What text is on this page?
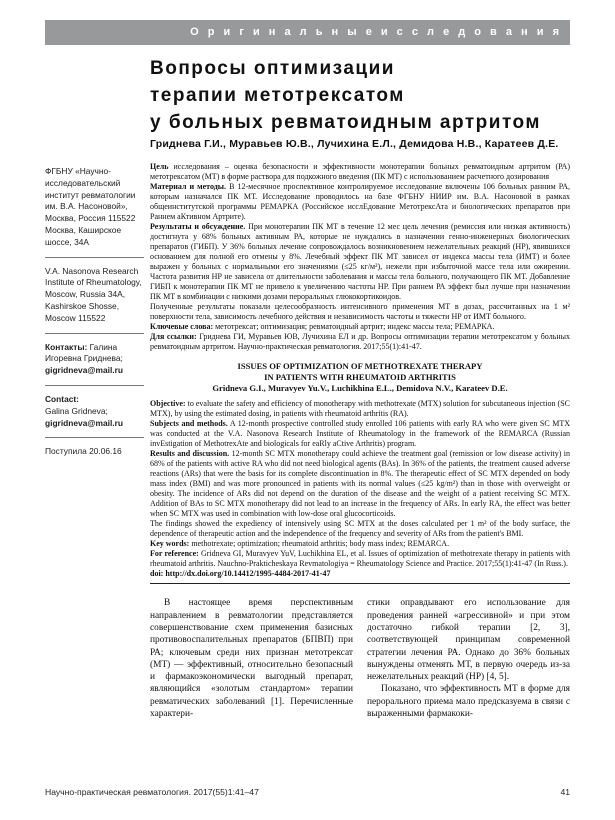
О р и г и н а л ь н ы е и с с л е д о в а н и я
Вопросы оптимизации
терапии метотрексатом
у больных ревматоидным артритом
Гриднева Г.И., Муравьев Ю.В., Лучихина Е.Л., Демидова Н.В., Каратеев Д.Е.
ФГБНУ «Научно-исследовательский институт ревматологии им. В.А. Насоновой», Москва, Россия 115522 Москва, Каширское шоссе, 34А
V.A. Nasonova Research Institute of Rheumatology, Moscow, Russia 34A, Kashirskoe Shosse, Moscow 115522
Контакты: Галина Игоревна Гриднева;
gigridneva@mail.ru
Contact:
Galina Gridneva;
gigridneva@mail.ru
Поступила 20.06.16

Цель исследования – оценка безопасности и эффективности монотерапии больных ревматоидным артритом (РА) метотрексатом (МТ) в форме раствора для подкожного введения (ПК МТ) с использованием расчетного дозирования

Материал и методы. В 12-месячное проспективное контролируемое исследование включены 106 больных ранним РА, которым назначался ПК МТ. Исследование проводилось на базе ФГБНУ НИИР им. В.А. Насоновой в рамках общеинститутской программы РЕМАРКА (Российское исслЕдование МетотрексАта и биологических препаратов при Раннем аКтивном Артрите).

Результаты и обсуждение. При монотерапии ПК МТ в течение 12 мес цель лечения (ремиссия или низкая активность) достигнута у 68% больных активным РА, которые не нуждались в назначении генно-инженерных биологических препаратов (ГИБП). У 36% больных лечение сопровождалось возникновением нежелательных реакций (НР), явившихся основанием для полной его отмены у 8%. Лечебный эффект ПК МТ зависел от индекса массы тела (ИМТ) и более выражен у больных с нормальными его значениями (≤25 кг/м²), нежели при избыточной массе тела или ожирении. Частота развития НР не зависела от длительности заболевания и массы тела больного, получающего ПК МТ. Добавление ГИБП к монотерапии ПК МТ не привело к увеличению частоты НР. При раннем РА эффект был лучше при назначении ПК МТ в комбинации с низкими дозами пероральных глюкокортикоидов.

Полученные результаты показали целесообразность интенсивного применения МТ в дозах, рассчитанных на 1 м² поверхности тела, зависимость лечебного действия и независимость частоты и тяжести НР от ИМТ больного.

Ключевые слова: метотрексат; оптимизация; ревматоидный артрит; индекс массы тела; РЕМАРКА.

Для ссылки: Гриднева ГИ, Муравьев ЮВ, Лучихина ЕЛ и др. Вопросы оптимизации терапии метотрексатом у больных ревматоидным артритом. Научно-практическая ревматология. 2017;55(1):41-47.

ISSUES OF OPTIMIZATION OF METHOTREXATE THERAPY
IN PATIENTS WITH RHEUMATOID ARTHRITIS
Gridneva G.I., Muravyev Yu.V., Luchikhina E.L., Demidova N.V., Karateev D.E.

Objective: to evaluate the safety and efficiency of monotherapy with methotrexate (MTX) solution for subcutaneous injection (SC MTX), by using the estimated dosing, in patients with rheumatoid arthritis (RA).

Subjects and methods. A 12-month prospective controlled study enrolled 106 patients with early RA who were given SC MTX was conducted at the V.A. Nasonova Research Institute of Rheumatology in the framework of the REMARCA (Russian invEstigation of MethotrexAte and biologicals for eaRly aCtive Arthritis) program.

Results and discussion. 12-month SC MTX monotherapy could achieve the treatment goal (remission or low disease activity) in 68% of the patients with active RA who did not need biological agents (BAs). In 36% of the patients, the treatment caused adverse reactions (ARs) that were the basis for its complete discontinuation in 8%. The therapeutic effect of SC MTX depended on body mass index (BMI) and was more pronounced in patients with its normal values (≤25 kg/m²) than in those with overweight or obesity. The incidence of ARs did not depend on the duration of the disease and the weight of a patient receiving SC MTX. Addition of BAs to SC MTX monotherapy did not lead to an increase in the frequency of ARs. In early RA, the effect was better when SC MTX was used in combination with low-dose oral glucocorticoids.

The findings showed the expediency of intensively using SC MTX at the doses calculated per 1 m² of the body surface, the dependence of therapeutic action and the independence of the frequency and severity of ARs from the patient's BMI.

Key words: methotrexate; optimization; rheumatoid arthritis; body mass index; REMARCA.

For reference: Gridneva GI, Muravyev YuV, Luchikhina EL, et al. Issues of optimization of methotrexate therapy in patients with rheumatoid arthritis. Nauchno-Prakticheskaya Revmatologiya = Rheumatology Science and Practice. 2017;55(1):41-47 (In Russ.).

doi: http://dx.doi.org/10.14412/1995-4484-2017-41-47

В настоящее время перспективным направлением в ревматологии представляется совершенствование схем применения базисных противовоспалительных препаратов (БПВП) при РА; ключевым среди них признан метотрексат (МТ) — эффективный, относительно безопасный и фармакоэкономически выгодный препарат, являющийся «золотым стандартом» терапии ревматических заболеваний [1]. Перечисленные характери-

стики оправдывают его использование для проведения ранней «агрессивной» и при этом достаточно гибкой терапии [2, 3], соответствующей принципам современной стратегии лечения РА. Однако до 36% больных вынуждены отменять МТ, в первую очередь из-за нежелательных реакций (НР) [4, 5].

Показано, что эффективность МТ в форме для перорального приема мало предсказуема в связи с выраженными фармакоки-

Научно-практическая ревматология. 2017(55)1:41–47	41
